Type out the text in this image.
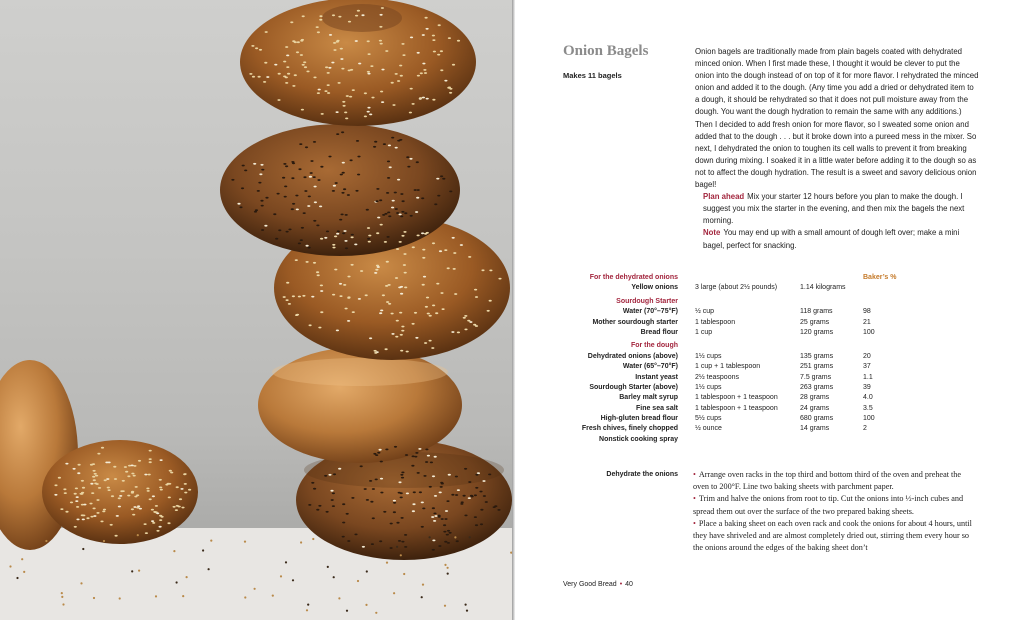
Onion Bagels
Makes 11 bagels

Onion bagels are traditionally made from plain bagels coated with dehydrated minced onion. When I first made these, I thought it would be clever to put the onion into the dough instead of on top of it for more flavor. I rehydrated the minced onion and added it to the dough. (Any time you add a dried or dehydrated item to a dough, it should be rehydrated so that it does not pull moisture away from the dough. You want the dough hydration to remain the same with any additions.) Then I decided to add fresh onion for more flavor, so I sweated some onion and added that to the dough . . . but it broke down into a pureed mess in the mixer. So next, I dehydrated the onion to toughen its cell walls to prevent it from breaking down during mixing. I soaked it in a little water before adding it to the dough so as not to affect the dough hydration. The result is a sweet and savory delicious onion bagel!

Plan ahead Mix your starter 12 hours before you plan to make the dough. I suggest you mix the starter in the evening, and then mix the bagels the next morning.

Note You may end up with a small amount of dough left over; make a mini bagel, perfect for snacking.

For the dehydrated onions	Baker’s %
Yellow onions 3 large (about 2½ pounds)	1.14 kilograms
Sourdough Starter
Water (70°–75°F) ½ cup	118 grams	98
Mother sourdough starter 1 tablespoon	25 grams	21
Bread flour 1 cup	120 grams	100
For the dough
Dehydrated onions (above) 1½ cups	135 grams	20
Water (65°–70°F) 1 cup + 1 tablespoon	251 grams	37
Instant yeast 2½ teaspoons	7.5 grams	1.1
Sourdough Starter (above) 1½ cups	263 grams	39
Barley malt syrup 1 tablespoon + 1 teaspoon	28 grams	4.0
Fine sea salt 1 tablespoon + 1 teaspoon	24 grams	3.5
High-gluten bread flour 5½ cups	680 grams	100
Fresh chives, finely chopped ½ ounce	14 grams	2
Nonstick cooking spray
Dehydrate the onions • Arrange oven racks in the top third and bottom third of the oven and preheat the oven to 200°F. Line two baking sheets with parchment paper.

• Trim and halve the onions from root to tip. Cut the onions into ½-inch cubes and spread them out over the surface of the two prepared baking sheets.

• Place a baking sheet on each oven rack and cook the onions for about 4 hours, until they have shriveled and are almost completely dried out, stirring them every hour so the onions around the edges of the baking sheet don’t

Very Good Bread • 40
